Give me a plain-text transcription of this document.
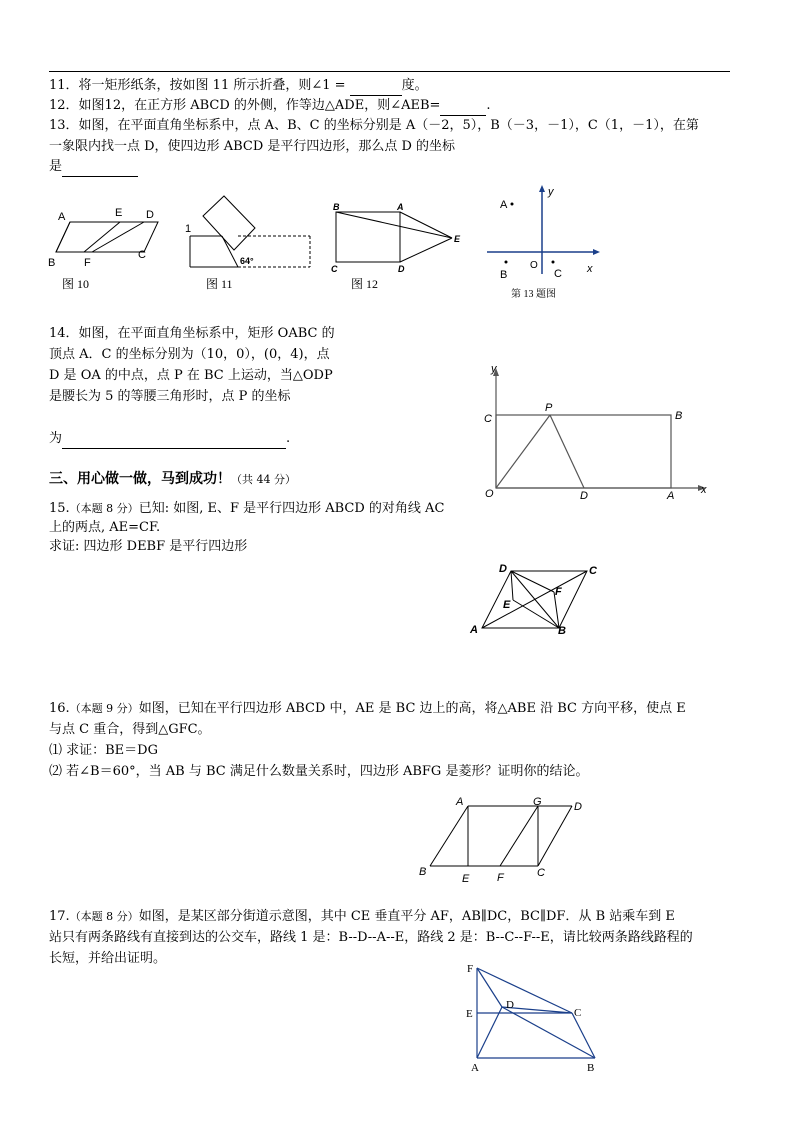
11．将一矩形纸条，按如图 11 所示折叠，则∠1 =	度。
12．如图12，在正方形 ABCD 的外侧，作等边△ADE，则∠AEB=	.
13．如图，在平面直角坐标系中，点 A、B、C 的坐标分别是 A（－2，5），B（－3，－1），C（1，－1），在第
一象限内找一点 D，使四边形 ABCD 是平行四边形，那么点 D 的坐标
是
A	E D
B	F
C
图 10
1
64°
图 11
B	A
E
C	D
图 12
A
B	C
O	x
y
第 13 题图
14．如图，在平面直角坐标系中，矩形 OABC 的
顶点 A．C 的坐标分别为（10，0），(0，4)，点
D 是 OA 的中点，点 P 在 BC 上运动，当△ODP
是腰长为 5 的等腰三角形时，点 P 的坐标
为	.
y
x
C
P
B
O	D	A
三、用心做一做，马到成功！（共 44 分）
15.（本题 8 分）已知: 如图, E、F 是平行四边形 ABCD 的对角线 AC
上的两点, AE=CF.
求证: 四边形 DEBF 是平行四边形
D	C
E
F
A	B
16.（本题 9 分）如图，已知在平行四边形 ABCD 中，AE 是 BC 边上的高，将△ABE 沿 BC 方向平移，使点 E
与点 C 重合，得到△GFC。
⑴ 求证：BE＝DG
⑵ 若∠B＝60°，当 AB 与 BC 满足什么数量关系时，四边形 ABFG 是菱形？证明你的结论。
A	G	D
B
E	F	C
17.（本题 8 分）如图，是某区部分街道示意图，其中 CE 垂直平分 AF，AB∥DC，BC∥DF．从 B 站乘车到 E
站只有两条路线有直接到达的公交车，路线 1 是：B--D--A--E，路线 2 是：B--C--F--E，请比较两条路线路程的
长短，并给出证明。
F
E
D
C
A	B
